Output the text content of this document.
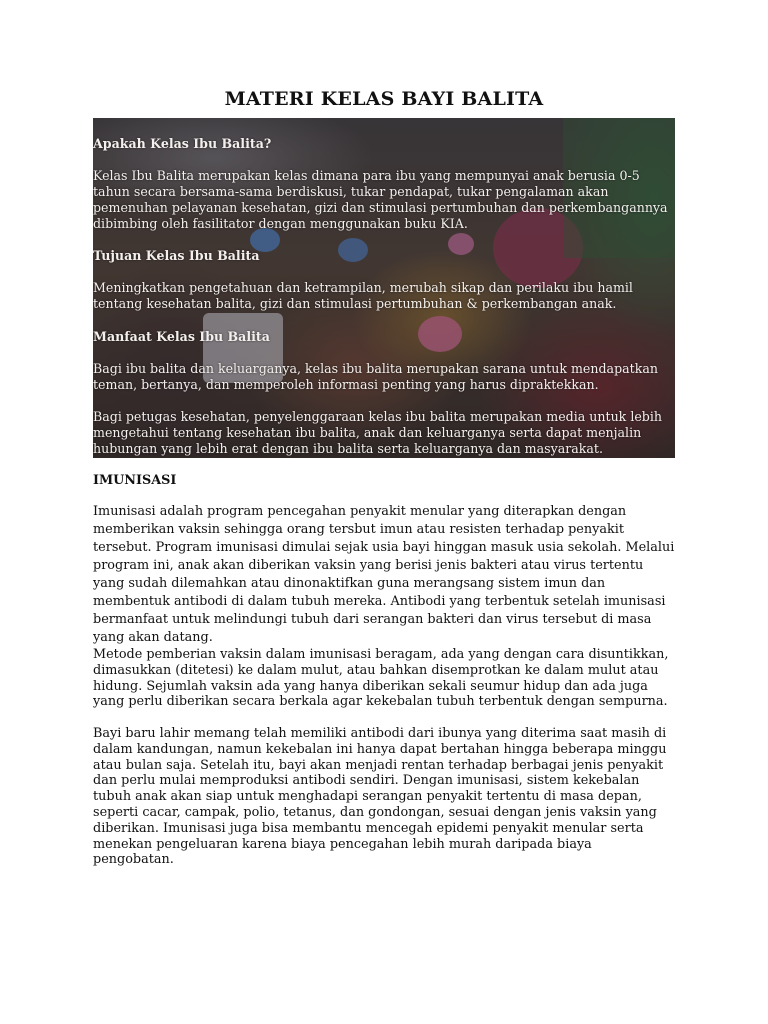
MATERI KELAS BAYI BALITA
Apakah Kelas Ibu Balita?
Kelas Ibu Balita merupakan kelas dimana para ibu yang mempunyai anak berusia 0-5 tahun secara bersama-sama berdiskusi, tukar pendapat, tukar pengalaman akan pemenuhan pelayanan kesehatan, gizi dan stimulasi pertumbuhan dan perkembangannya dibimbing oleh fasilitator dengan menggunakan buku KIA.
Tujuan Kelas Ibu Balita
Meningkatkan pengetahuan dan ketrampilan, merubah sikap dan perilaku ibu hamil tentang kesehatan balita, gizi dan stimulasi pertumbuhan & perkembangan anak.
Manfaat Kelas Ibu Balita
Bagi ibu balita dan keluarganya, kelas ibu balita merupakan sarana untuk mendapatkan teman, bertanya, dan memperoleh informasi penting yang harus dipraktekkan.
Bagi petugas kesehatan, penyelenggaraan kelas ibu balita merupakan media untuk lebih mengetahui tentang kesehatan ibu balita, anak dan keluarganya serta dapat menjalin hubungan yang lebih erat dengan ibu balita serta keluarganya dan masyarakat.
IMUNISASI

Imunisasi adalah program pencegahan penyakit menular yang diterapkan dengan memberikan vaksin sehingga orang tersbut imun atau resisten terhadap penyakit tersebut. Program imunisasi dimulai sejak usia bayi hinggan masuk usia sekolah. Melalui program ini, anak akan diberikan vaksin yang berisi jenis bakteri atau virus tertentu yang sudah dilemahkan atau dinonaktifkan guna merangsang sistem imun dan membentuk antibodi di dalam tubuh mereka. Antibodi yang terbentuk setelah imunisasi bermanfaat untuk melindungi tubuh dari serangan bakteri dan virus tersebut di masa yang akan datang.

Metode pemberian vaksin dalam imunisasi beragam, ada yang dengan cara disuntikkan, dimasukkan (ditetesi) ke dalam mulut, atau bahkan disemprotkan ke dalam mulut atau hidung. Sejumlah vaksin ada yang hanya diberikan sekali seumur hidup dan ada juga yang perlu diberikan secara berkala agar kekebalan tubuh terbentuk dengan sempurna.

Bayi baru lahir memang telah memiliki antibodi dari ibunya yang diterima saat masih di dalam kandungan, namun kekebalan ini hanya dapat bertahan hingga beberapa minggu atau bulan saja. Setelah itu, bayi akan menjadi rentan terhadap berbagai jenis penyakit dan perlu mulai memproduksi antibodi sendiri. Dengan imunisasi, sistem kekebalan tubuh anak akan siap untuk menghadapi serangan penyakit tertentu di masa depan, seperti cacar, campak, polio, tetanus, dan gondongan, sesuai dengan jenis vaksin yang diberikan. Imunisasi juga bisa membantu mencegah epidemi penyakit menular serta menekan pengeluaran karena biaya pencegahan lebih murah daripada biaya pengobatan.
